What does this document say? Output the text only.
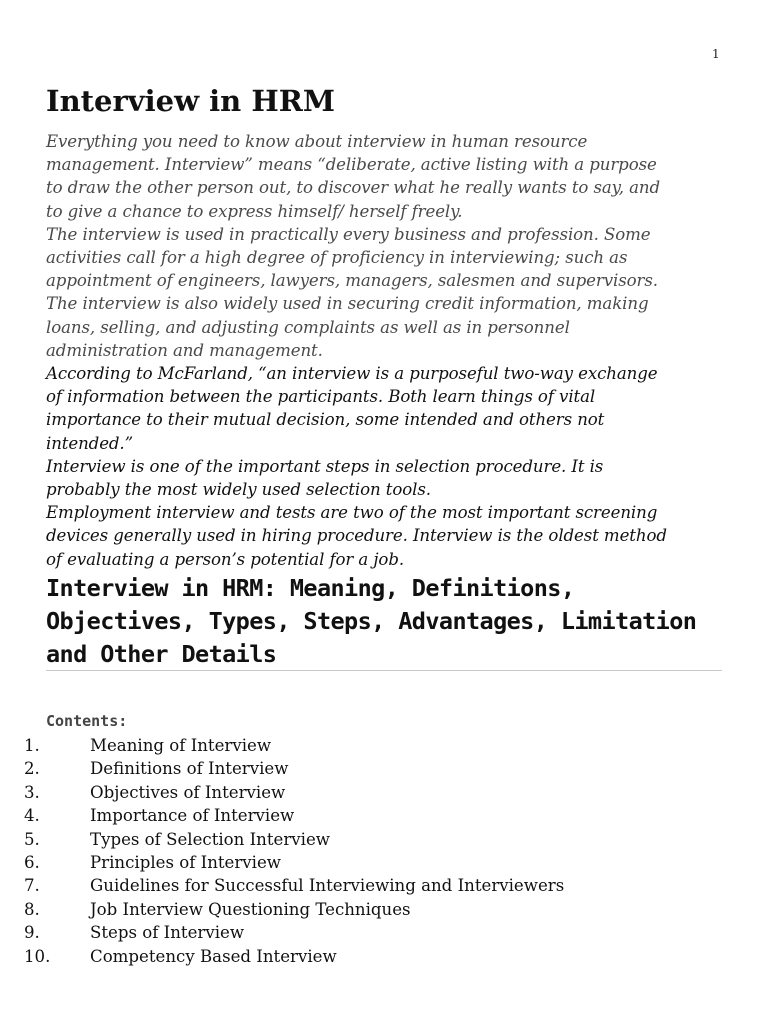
1
Interview in HRM

Everything you need to know about interview in human resource
management. Interview” means “deliberate, active listing with a purpose
to draw the other person out, to discover what he really wants to say, and
to give a chance to express himself/ herself freely.

The interview is used in practically every business and profession. Some
activities call for a high degree of proficiency in interviewing; such as
appointment of engineers, lawyers, managers, salesmen and supervisors.
The interview is also widely used in securing credit information, making
loans, selling, and adjusting complaints as well as in personnel
administration and management.

According to McFarland, “an interview is a purposeful two-way exchange
of information between the participants. Both learn things of vital
importance to their mutual decision, some intended and others not
intended.”

Interview is one of the important steps in selection procedure. It is
probably the most widely used selection tools.

Employment interview and tests are two of the most important screening
devices generally used in hiring procedure. Interview is the oldest method
of evaluating a person’s potential for a job.

Interview in HRM: Meaning, Definitions,
Objectives, Types, Steps, Advantages, Limitation
and Other Details
Contents:
1.	Meaning of Interview
2.	Definitions of Interview
3.	Objectives of Interview
4.	Importance of Interview
5.	Types of Selection Interview
6.	Principles of Interview
7.	Guidelines for Successful Interviewing and Interviewers
8.	Job Interview Questioning Techniques
9.	Steps of Interview
10.	Competency Based Interview
